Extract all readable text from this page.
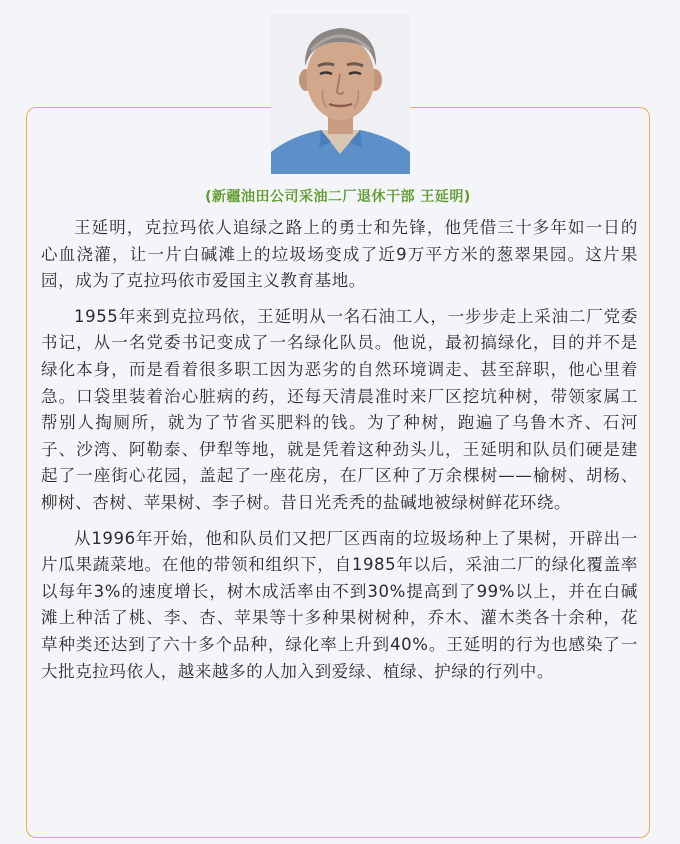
(新疆油田公司采油二厂退休干部 王延明)

王延明，克拉玛依人追绿之路上的勇士和先锋，他凭借三十多年如一日的心血浇灌，让一片白碱滩上的垃圾场变成了近9万平方米的葱翠果园。这片果园，成为了克拉玛依市爱国主义教育基地。

1955年来到克拉玛依，王延明从一名石油工人，一步步走上采油二厂党委书记，从一名党委书记变成了一名绿化队员。他说，最初搞绿化，目的并不是绿化本身，而是看着很多职工因为恶劣的自然环境调走、甚至辞职，他心里着急。口袋里装着治心脏病的药，还每天清晨准时来厂区挖坑种树，带领家属工帮别人掏厕所，就为了节省买肥料的钱。为了种树，跑遍了乌鲁木齐、石河子、沙湾、阿勒泰、伊犁等地，就是凭着这种劲头儿，王延明和队员们硬是建起了一座街心花园，盖起了一座花房，在厂区种了万余棵树——榆树、胡杨、柳树、杏树、苹果树、李子树。昔日光秃秃的盐碱地被绿树鲜花环绕。

从1996年开始，他和队员们又把厂区西南的垃圾场种上了果树，开辟出一片瓜果蔬菜地。在他的带领和组织下，自1985年以后，采油二厂的绿化覆盖率以每年3%的速度增长，树木成活率由不到30%提高到了99%以上，并在白碱滩上种活了桃、李、杏、苹果等十多种果树树种，乔木、灌木类各十余种，花草种类还达到了六十多个品种，绿化率上升到40%。王延明的行为也感染了一大批克拉玛依人，越来越多的人加入到爱绿、植绿、护绿的行列中。
